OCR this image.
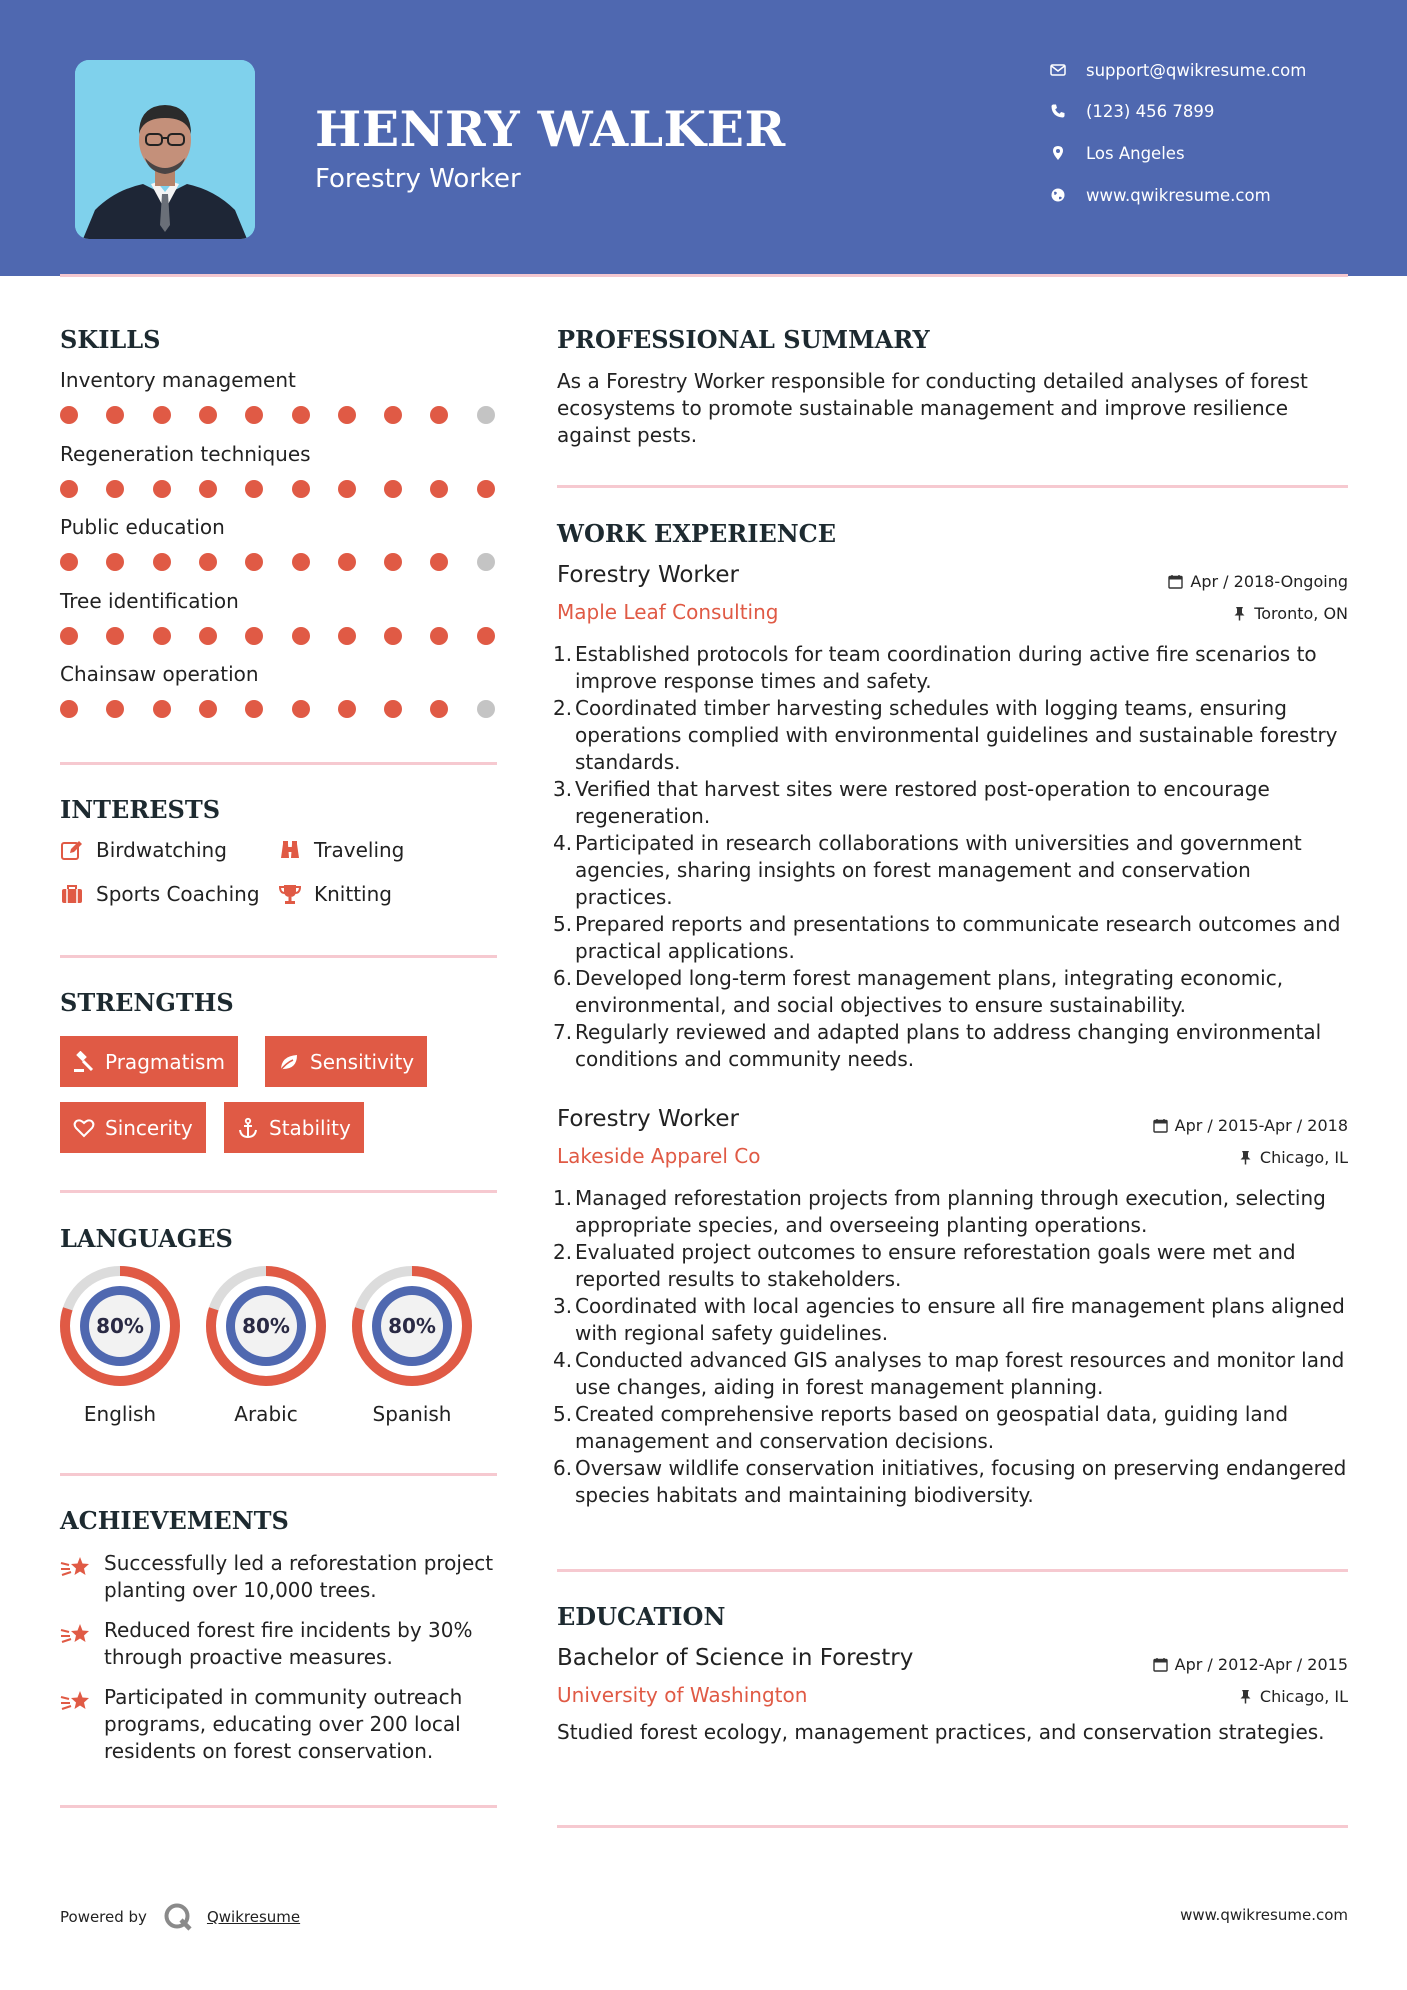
HENRY WALKER
Forestry Worker
support@qwikresume.com
(123) 456 7899
Los Angeles
www.qwikresume.com
SKILLS
Inventory management
Regeneration techniques
Public education
Tree identification
Chainsaw operation
INTERESTS
Birdwatching	Traveling
Sports Coaching	Knitting
STRENGTHS
Pragmatism	Sensitivity
Sincerity	Stability
LANGUAGES
80%
English
80%
Arabic
80%
Spanish
ACHIEVEMENTS
Successfully led a reforestation project planting over 10,000 trees.
Reduced forest fire incidents by 30% through proactive measures.
Participated in community outreach programs, educating over 200 local residents on forest conservation.
PROFESSIONAL SUMMARY
As a Forestry Worker responsible for conducting detailed analyses of forest ecosystems to promote sustainable management and improve resilience against pests.
WORK EXPERIENCE
Forestry Worker	Apr / 2018-Ongoing
Maple Leaf Consulting	Toronto, ON
1. Established protocols for team coordination during active fire scenarios to improve response times and safety.
2. Coordinated timber harvesting schedules with logging teams, ensuring operations complied with environmental guidelines and sustainable forestry standards.
3. Verified that harvest sites were restored post-operation to encourage regeneration.
4. Participated in research collaborations with universities and government agencies, sharing insights on forest management and conservation practices.
5. Prepared reports and presentations to communicate research outcomes and practical applications.
6. Developed long-term forest management plans, integrating economic, environmental, and social objectives to ensure sustainability.
7. Regularly reviewed and adapted plans to address changing environmental conditions and community needs.
Forestry Worker	Apr / 2015-Apr / 2018
Lakeside Apparel Co	Chicago, IL
1. Managed reforestation projects from planning through execution, selecting appropriate species, and overseeing planting operations.
2. Evaluated project outcomes to ensure reforestation goals were met and reported results to stakeholders.
3. Coordinated with local agencies to ensure all fire management plans aligned with regional safety guidelines.
4. Conducted advanced GIS analyses to map forest resources and monitor land use changes, aiding in forest management planning.
5. Created comprehensive reports based on geospatial data, guiding land management and conservation decisions.
6. Oversaw wildlife conservation initiatives, focusing on preserving endangered species habitats and maintaining biodiversity.
EDUCATION
Bachelor of Science in Forestry	Apr / 2012-Apr / 2015
University of Washington	Chicago, IL
Studied forest ecology, management practices, and conservation strategies.
Powered by	Qwikresume	www.qwikresume.com
